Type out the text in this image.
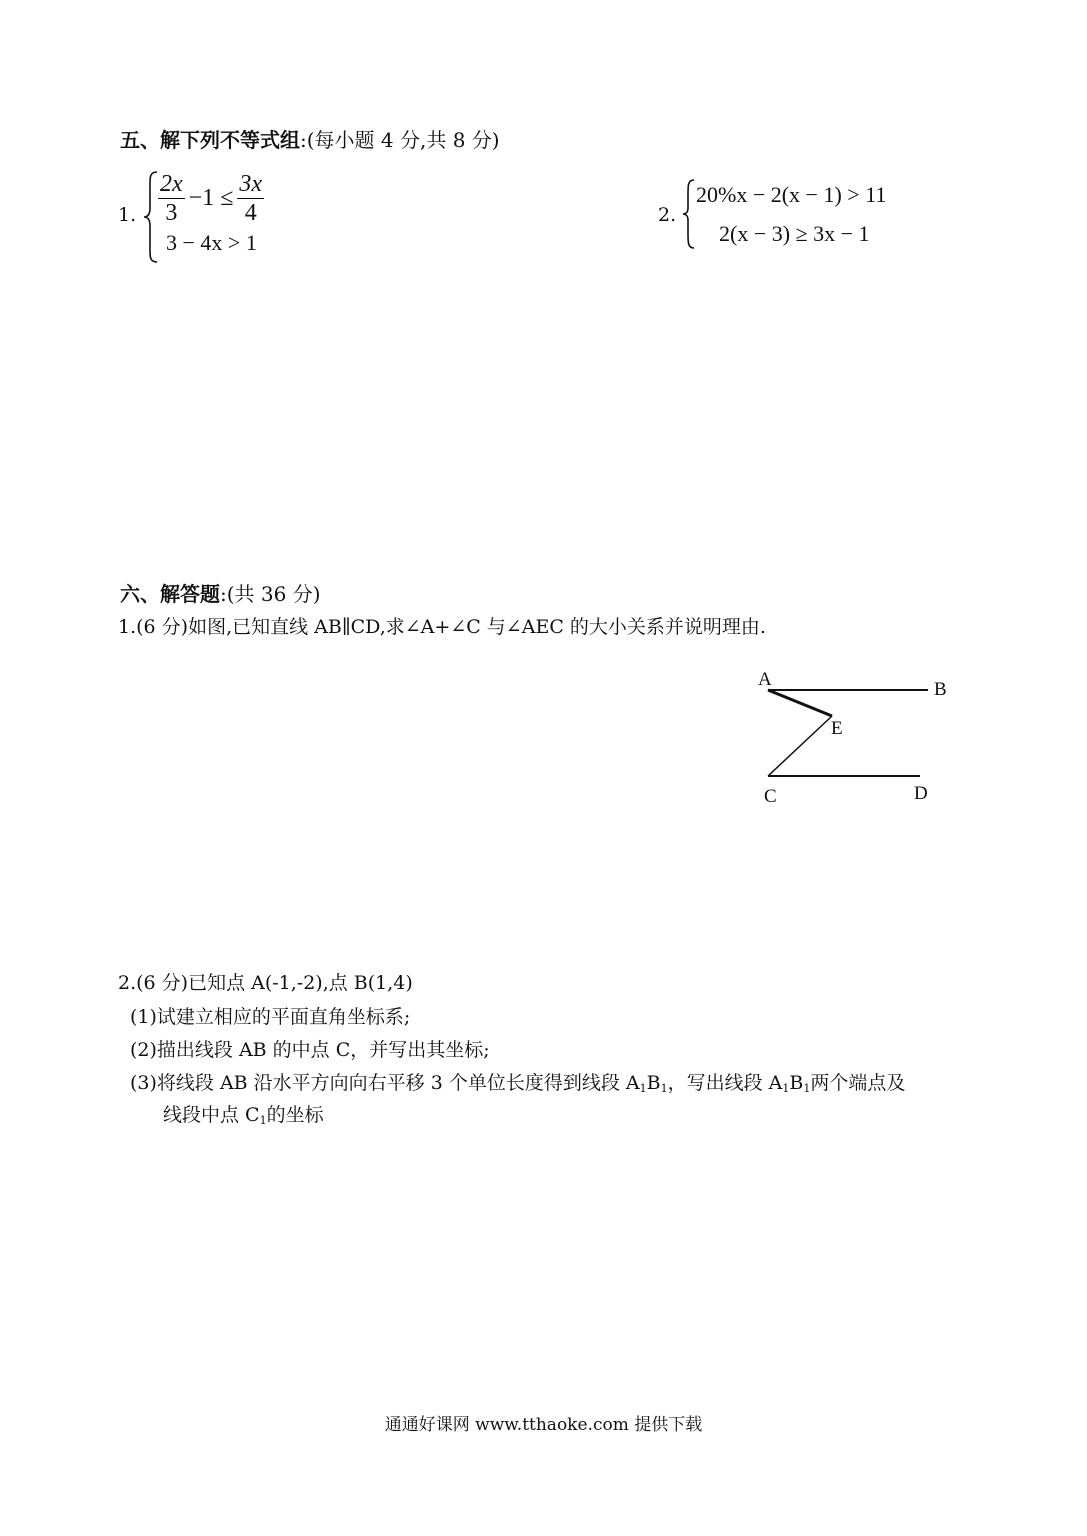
五、解下列不等式组:(每小题 4 分,共 8 分)
1. $\frac{2x}{3} -1 \le \frac{3x}{4}$
3 − 4x > 1
2.
20%x − 2(x − 1) > 11
2(x − 3) ≥ 3x − 1
六、解答题:(共 36 分)
1.(6 分)如图,已知直线 AB∥CD,求∠A+∠C 与∠AEC 的大小关系并说明理由.
A	B
E
C	D
2.(6 分)已知点 A(-1,-2),点 B(1,4)
(1)试建立相应的平面直角坐标系;
(2)描出线段 AB 的中点 C，并写出其坐标;
(3)将线段 AB 沿水平方向向右平移 3 个单位长度得到线段 $A_1B_1$，写出线段 $A_1B_1$两个端点及
线段中点 $C_1$的坐标
通通好课网 www.tthaoke.com 提供下载
